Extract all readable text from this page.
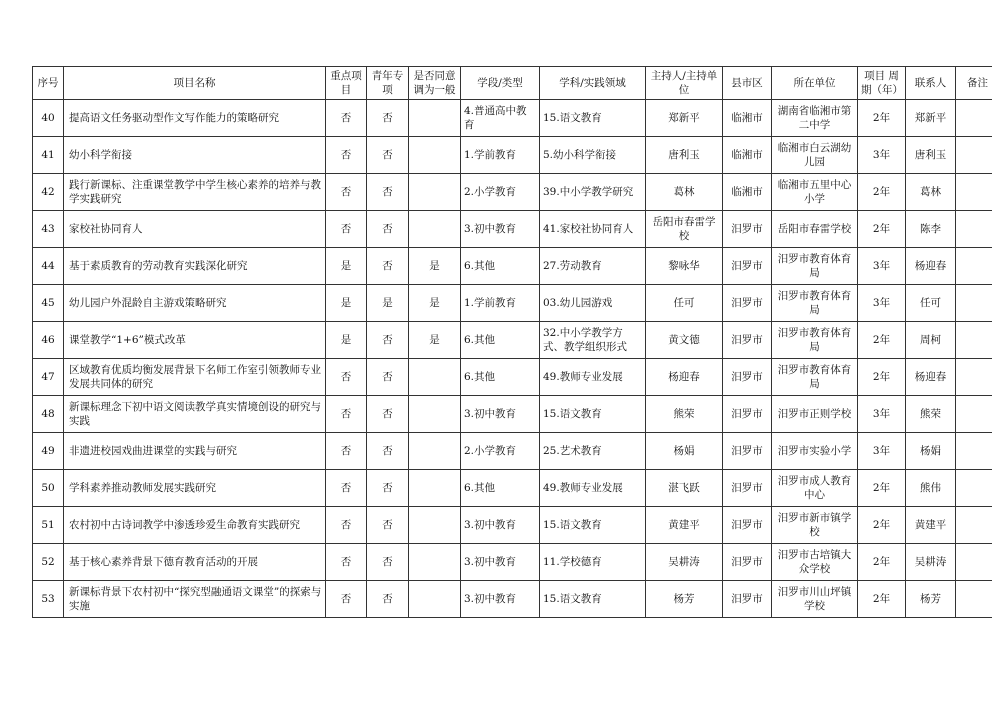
序号	项目名称	重点项目	青年专项	是否同意调为一般	学段/类型	学科/实践领域	主持人/主持单位	县市区	所在单位	项目 周期（年）	联系人	备注
40	提高语文任务驱动型作文写作能力的策略研究	否	否		4.普通高中教育	15.语文教育	郑新平	临湘市	湖南省临湘市第二中学	2年	郑新平	
41	幼小科学衔接	否	否		1.学前教育	5.幼小科学衔接	唐利玉	临湘市	临湘市白云湖幼儿园	3年	唐利玉	
42	践行新课标、注重课堂教学中学生核心素养的培养与教学实践研究	否	否		2.小学教育	39.中小学教学研究	葛林	临湘市	临湘市五里中心小学	2年	葛林	
43	家校社协同育人	否	否		3.初中教育	41.家校社协同育人	岳阳市春雷学校	汨罗市	岳阳市春雷学校	2年	陈李	
44	基于素质教育的劳动教育实践深化研究	是	否	是	6.其他	27.劳动教育	黎咏华	汨罗市	汨罗市教育体育局	3年	杨迎春	
45	幼儿园户外混龄自主游戏策略研究	是	是	是	1.学前教育	03.幼儿园游戏	任可	汨罗市	汨罗市教育体育局	3年	任可	
46	课堂教学“1+6”模式改革	是	否	是	6.其他	32.中小学教学方式、教学组织形式	黄文德	汨罗市	汨罗市教育体育局	2年	周柯	
47	区域教育优质均衡发展背景下名师工作室引领教师专业发展共同体的研究	否	否		6.其他	49.教师专业发展	杨迎春	汨罗市	汨罗市教育体育局	2年	杨迎春	
48	新课标理念下初中语文阅读教学真实情境创设的研究与实践	否	否		3.初中教育	15.语文教育	熊荣	汨罗市	汨罗市正则学校	3年	熊荣	
49	非遗进校园戏曲进课堂的实践与研究	否	否		2.小学教育	25.艺术教育	杨娟	汨罗市	汨罗市实验小学	3年	杨娟	
50	学科素养推动教师发展实践研究	否	否		6.其他	49.教师专业发展	湛飞跃	汨罗市	汨罗市成人教育中心	2年	熊伟	
51	农村初中古诗词教学中渗透珍爱生命教育实践研究	否	否		3.初中教育	15.语文教育	黄建平	汨罗市	汨罗市新市镇学校	2年	黄建平	
52	基于核心素养背景下德育教育活动的开展	否	否		3.初中教育	11.学校德育	吴耕涛	汨罗市	汨罗市古培镇大众学校	2年	吴耕涛	
53	新课标背景下农村初中“探究型融通语文课堂”的探索与实施	否	否		3.初中教育	15.语文教育	杨芳	汨罗市	汨罗市川山坪镇学校	2年	杨芳	
